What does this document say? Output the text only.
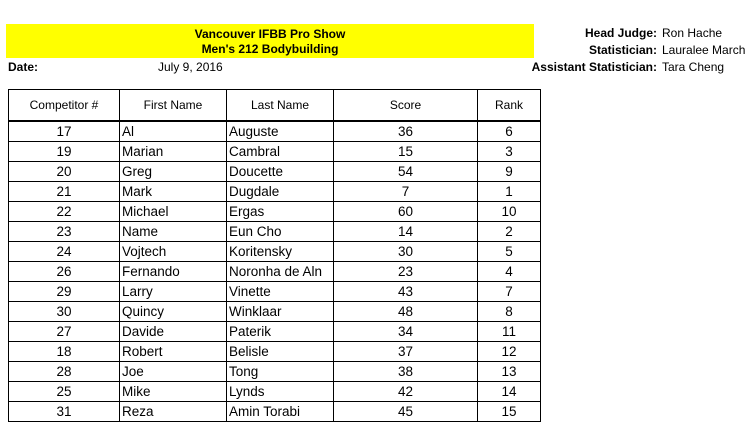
Vancouver IFBB Pro Show
Men's 212 Bodybuilding
Date:	July 9, 2016
Head Judge: Ron Hache
Statistician: Lauralee March
Assistant Statistician: Tara Cheng
Competitor #	First Name	Last Name	Score	Rank
17	Al	Auguste	36	6
19	Marian	Cambral	15	3
20	Greg	Doucette	54	9
21	Mark	Dugdale	7	1
22	Michael	Ergas	60	10
23	Name	Eun Cho	14	2
24	Vojtech	Koritensky	30	5
26	Fernando	Noronha de Aln	23	4
29	Larry	Vinette	43	7
30	Quincy	Winklaar	48	8
27	Davide	Paterik	34	11
18	Robert	Belisle	37	12
28	Joe	Tong	38	13
25	Mike	Lynds	42	14
31	Reza	Amin Torabi	45	15
